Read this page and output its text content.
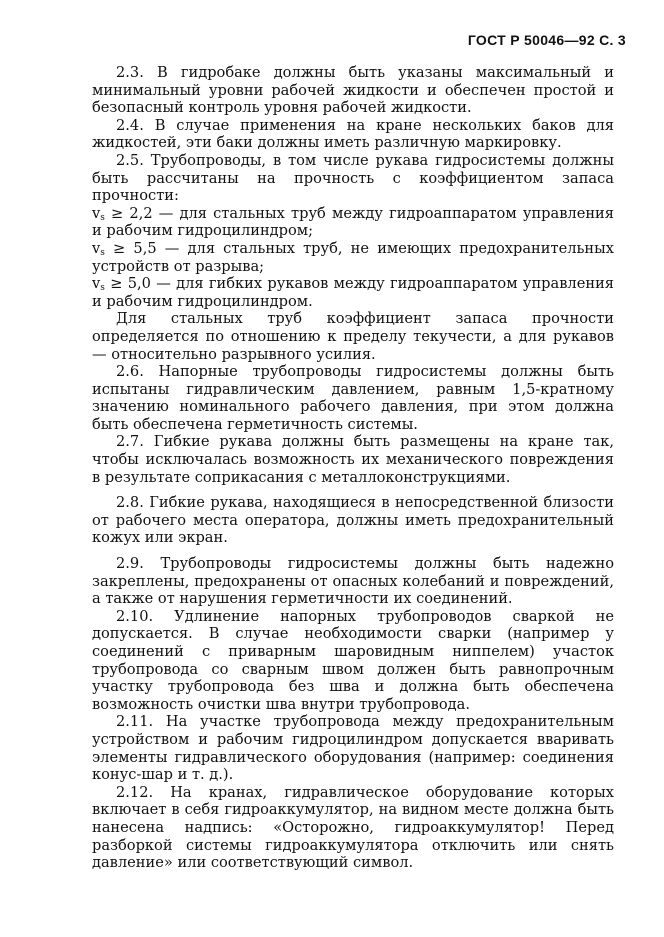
ГОСТ Р 50046—92 С. 3

2.3. В гидробаке должны быть указаны максимальный и минимальный уровни рабочей жидкости и обеспечен простой и безопасный контроль уровня рабочей жидкости.

2.4. В случае применения на кране нескольких баков для жидкостей, эти баки должны иметь различную маркировку.

2.5. Трубопроводы, в том числе рукава гидросистемы должны быть рассчитаны на прочность с коэффициентом запаса прочности:

$v_s \ge 2,2$ — для стальных труб между гидроаппаратом управления и рабочим гидроцилиндром;

$v_s \ge 5,5$ — для стальных труб, не имеющих предохранительных устройств от разрыва;

$v_s \ge 5,0$ — для гибких рукавов между гидроаппаратом управления и рабочим гидроцилиндром.

Для стальных труб коэффициент запаса прочности определяется по отношению к пределу текучести, а для рукавов — относительно разрывного усилия.

2.6. Напорные трубопроводы гидросистемы должны быть испытаны гидравлическим давлением, равным 1,5-кратному значению номинального рабочего давления, при этом должна быть обеспечена герметичность системы.

2.7. Гибкие рукава должны быть размещены на кране так, чтобы исключалась возможность их механического повреждения в результате соприкасания с металлоконструкциями.

2.8. Гибкие рукава, находящиеся в непосредственной близости от рабочего места оператора, должны иметь предохранительный кожух или экран.

2.9. Трубопроводы гидросистемы должны быть надежно закреплены, предохранены от опасных колебаний и повреждений, а также от нарушения герметичности их соединений.

2.10. Удлинение напорных трубопроводов сваркой не допускается. В случае необходимости сварки (например у соединений с приварным шаровидным ниппелем) участок трубопровода со сварным швом должен быть равнопрочным участку трубопровода без шва и должна быть обеспечена возможность очистки шва внутри трубопровода.

2.11. На участке трубопровода между предохранительным устройством и рабочим гидроцилиндром допускается вваривать элементы гидравлического оборудования (например: соединения конус-шар и т. д.).

2.12. На кранах, гидравлическое оборудование которых включает в себя гидроаккумулятор, на видном месте должна быть нанесена надпись: «Осторожно, гидроаккумулятор! Перед разборкой системы гидроаккумулятора отключить или снять давление» или соответствующий символ.
